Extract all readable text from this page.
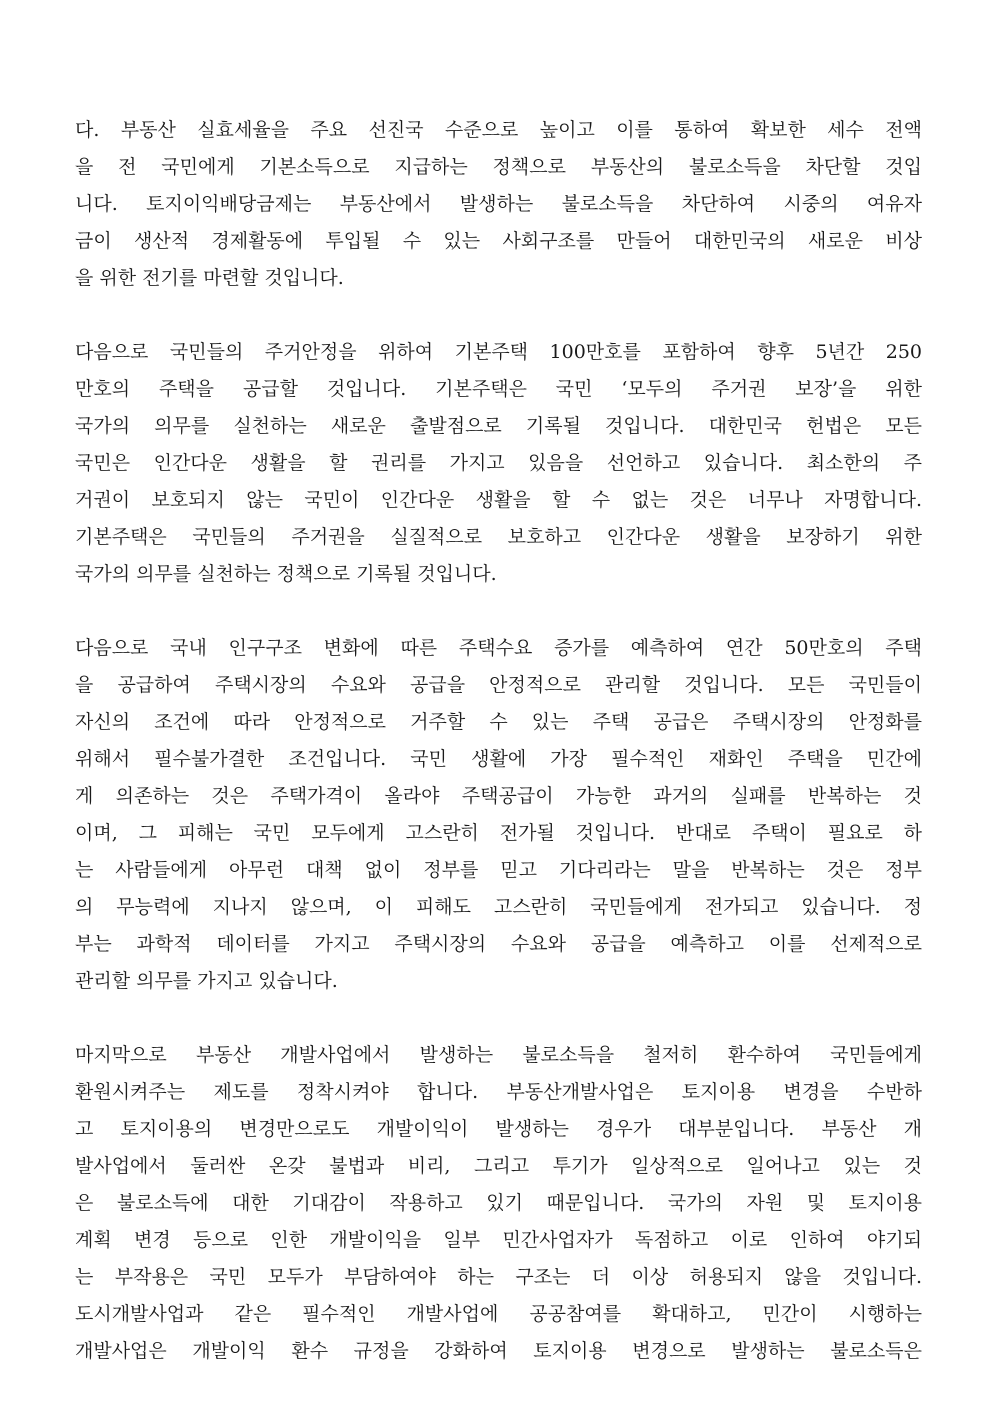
다. 부동산 실효세율을 주요 선진국 수준으로 높이고 이를 통하여 확보한 세수 전액
을 전 국민에게 기본소득으로 지급하는 정책으로 부동산의 불로소득을 차단할 것입
니다. 토지이익배당금제는 부동산에서 발생하는 불로소득을 차단하여 시중의 여유자
금이 생산적 경제활동에 투입될 수 있는 사회구조를 만들어 대한민국의 새로운 비상
을 위한 전기를 마련할 것입니다.
다음으로 국민들의 주거안정을 위하여 기본주택 100만호를 포함하여 향후 5년간 250
만호의 주택을 공급할 것입니다. 기본주택은 국민 ‘모두의 주거권 보장’을 위한
국가의 의무를 실천하는 새로운 출발점으로 기록될 것입니다. 대한민국 헌법은 모든
국민은 인간다운 생활을 할 권리를 가지고 있음을 선언하고 있습니다. 최소한의 주
거권이 보호되지 않는 국민이 인간다운 생활을 할 수 없는 것은 너무나 자명합니다.
기본주택은 국민들의 주거권을 실질적으로 보호하고 인간다운 생활을 보장하기 위한
국가의 의무를 실천하는 정책으로 기록될 것입니다.
다음으로 국내 인구구조 변화에 따른 주택수요 증가를 예측하여 연간 50만호의 주택
을 공급하여 주택시장의 수요와 공급을 안정적으로 관리할 것입니다. 모든 국민들이
자신의 조건에 따라 안정적으로 거주할 수 있는 주택 공급은 주택시장의 안정화를
위해서 필수불가결한 조건입니다. 국민 생활에 가장 필수적인 재화인 주택을 민간에
게 의존하는 것은 주택가격이 올라야 주택공급이 가능한 과거의 실패를 반복하는 것
이며, 그 피해는 국민 모두에게 고스란히 전가될 것입니다. 반대로 주택이 필요로 하
는 사람들에게 아무런 대책 없이 정부를 믿고 기다리라는 말을 반복하는 것은 정부
의 무능력에 지나지 않으며, 이 피해도 고스란히 국민들에게 전가되고 있습니다. 정
부는 과학적 데이터를 가지고 주택시장의 수요와 공급을 예측하고 이를 선제적으로
관리할 의무를 가지고 있습니다.
마지막으로 부동산 개발사업에서 발생하는 불로소득을 철저히 환수하여 국민들에게
환원시켜주는 제도를 정착시켜야 합니다. 부동산개발사업은 토지이용 변경을 수반하
고 토지이용의 변경만으로도 개발이익이 발생하는 경우가 대부분입니다. 부동산 개
발사업에서 둘러싼 온갖 불법과 비리, 그리고 투기가 일상적으로 일어나고 있는 것
은 불로소득에 대한 기대감이 작용하고 있기 때문입니다. 국가의 자원 및 토지이용
계획 변경 등으로 인한 개발이익을 일부 민간사업자가 독점하고 이로 인하여 야기되
는 부작용은 국민 모두가 부담하여야 하는 구조는 더 이상 허용되지 않을 것입니다.
도시개발사업과 같은 필수적인 개발사업에 공공참여를 확대하고, 민간이 시행하는
개발사업은 개발이익 환수 규정을 강화하여 토지이용 변경으로 발생하는 불로소득은
